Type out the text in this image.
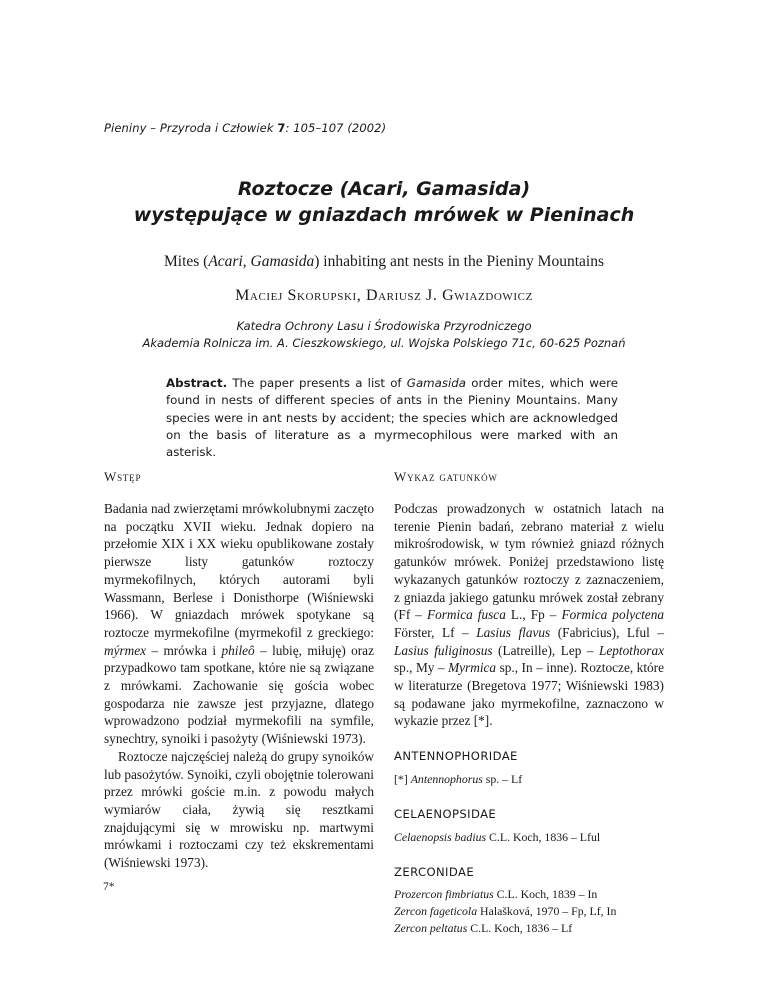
Pieniny – Przyroda i Człowiek 7: 105–107 (2002)
Roztocze (Acari, Gamasida)
występujące w gniazdach mrówek w Pieninach
Mites (Acari, Gamasida) inhabiting ant nests in the Pieniny Mountains
Maciej Skorupski, Dariusz J. Gwiazdowicz
Katedra Ochrony Lasu i Środowiska Przyrodniczego
Akademia Rolnicza im. A. Cieszkowskiego, ul. Wojska Polskiego 71c, 60-625 Poznań
Abstract. The paper presents a list of Gamasida order mites, which were found in nests of different species of ants in the Pieniny Mountains. Many species were in ant nests by accident; the species which are acknowledged on the basis of literature as a myrmecophilous were marked with an asterisk.
Wstęp

Badania nad zwierzętami mrówkolubnymi zaczęto na początku XVII wieku. Jednak dopiero na przełomie XIX i XX wieku opublikowane zostały pierwsze listy gatunków roztoczy myrmekofilnych, których autorami byli Wassmann, Berlese i Donisthorpe (Wiśniewski 1966). W gniazdach mrówek spotykane są roztocze myrmekofilne (myrmekofil z greckiego: mýrmex – mrówka i phileô – lubię, miłuję) oraz przypadkowo tam spotkane, które nie są związane z mrówkami. Zachowanie się gościa wobec gospodarza nie zawsze jest przyjazne, dlatego wprowadzono podział myrmekofili na symfile, synechtry, synoiki i pasożyty (Wiśniewski 1973).

Roztocze najczęściej należą do grupy synoików lub pasożytów. Synoiki, czyli obojętnie tolerowani przez mrówki goście m.in. z powodu małych wymiarów ciała, żywią się resztkami znajdującymi się w mrowisku np. martwymi mrówkami i roztoczami czy też ekskrementami (Wiśniewski 1973).

Wykaz gatunków

Podczas prowadzonych w ostatnich latach na terenie Pienin badań, zebrano materiał z wielu mikrośrodowisk, w tym również gniazd różnych gatunków mrówek. Poniżej przedstawiono listę wykazanych gatunków roztoczy z zaznaczeniem, z gniazda jakiego gatunku mrówek został zebrany (Ff – Formica fusca L., Fp – Formica polyctena Förster, Lf – Lasius flavus (Fabricius), Lful – Lasius fuliginosus (Latreille), Lep – Leptothorax sp., My – Myrmica sp., In – inne). Roztocze, które w literaturze (Bregetova 1977; Wiśniewski 1983) są podawane jako myrmekofilne, zaznaczono w wykazie przez [*].

ANTENNOPHORIDAE
[*] Antennophorus sp. – Lf
CELAENOPSIDAE
Celaenopsis badius C.L. Koch, 1836 – Lful
ZERCONIDAE
Prozercon fimbriatus C.L. Koch, 1839 – In
Zercon fageticola Halašková, 1970 – Fp, Lf, In
Zercon peltatus C.L. Koch, 1836 – Lf
7*
